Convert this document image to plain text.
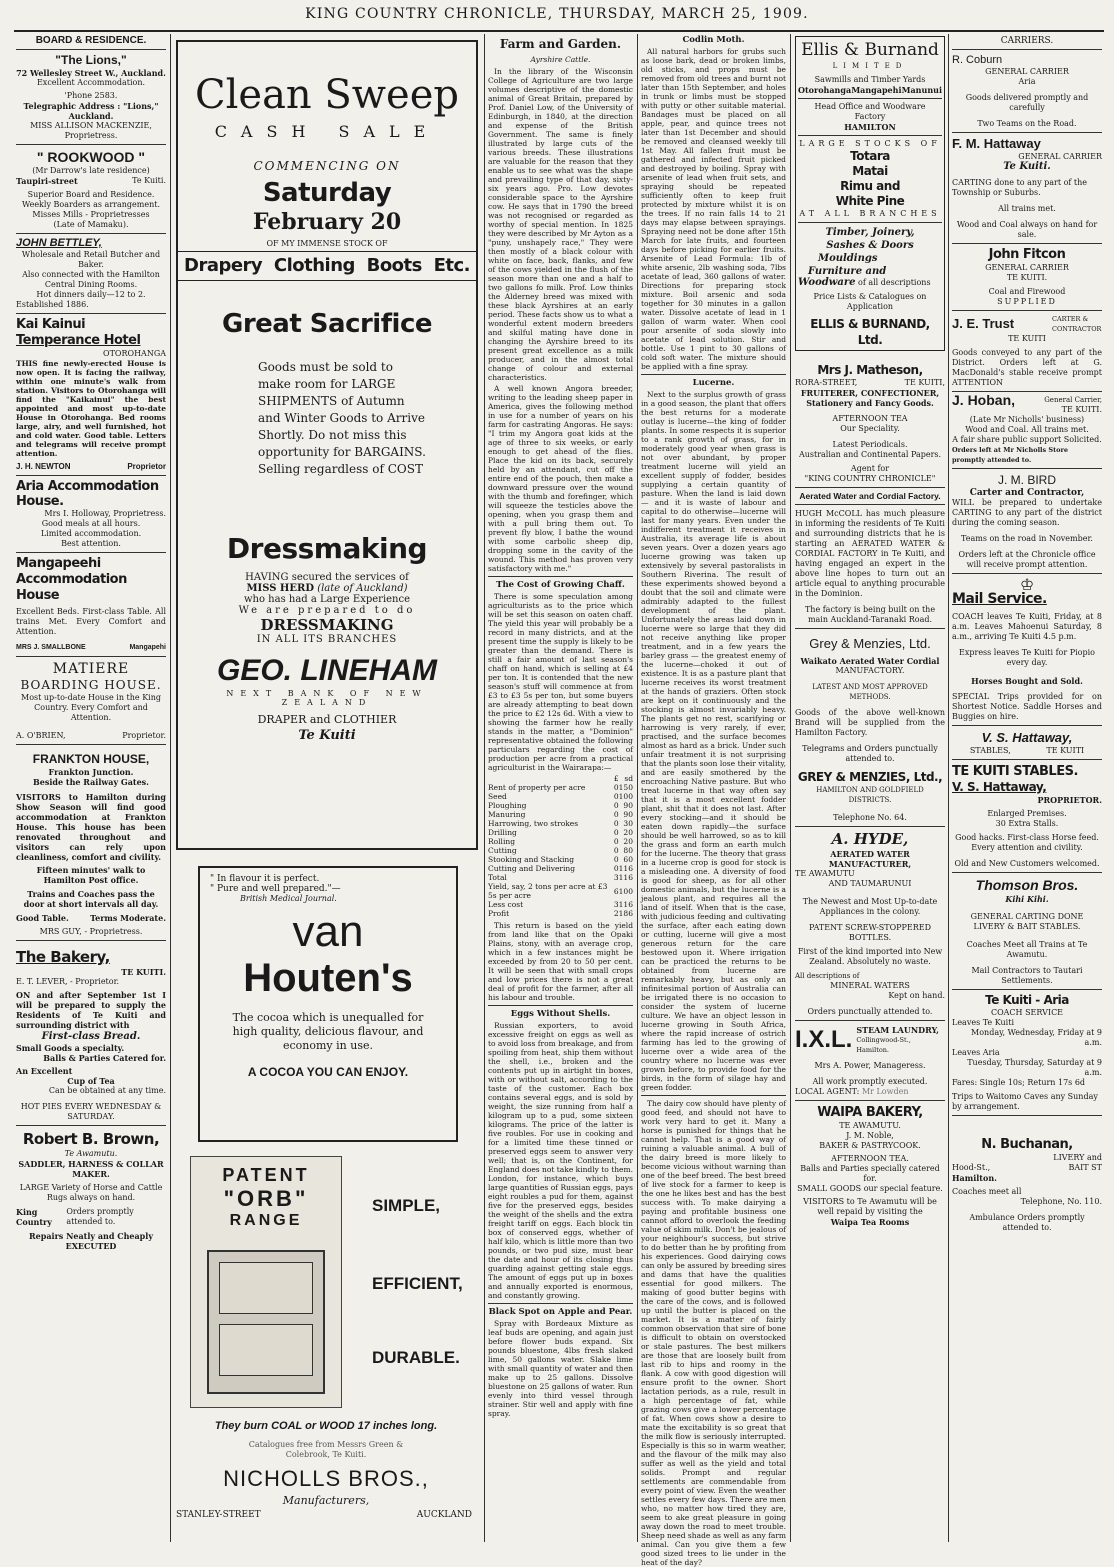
KING COUNTRY CHRONICLE, THURSDAY, MARCH 25, 1909.
BOARD & RESIDENCE.
"The Lions,"
72 Wellesley Street W., Auckland.
Excellent Accommodation.
'Phone 2583.
Telegraphic Address : "Lions," Auckland.
MISS ALLISON MACKENZIE, Proprietress.
" ROOKWOOD "
(Mr Darrow's late residence)
Taupiri-street	Te Kuiti.
Superior Board and Residence.
Weekly Boarders as arrangement.
Misses Mills - Proprietresses
(Late of Mamaku).
JOHN BETTLEY,
Wholesale and Retail Butcher and Baker.
Also connected with the Hamilton Central Dining Rooms.
Hot dinners daily—12 to 2.
Established 1886.
Kai Kainui
Temperance Hotel
OTOROHANGA
THIS fine newly-erected House is now open. It is facing the railway, within one minute's walk from station. Visitors to Otorohanga will find the "Kaikainui" the best appointed and most up-to-date House in Otorohanga. Bed rooms large, airy, and well furnished, hot and cold water. Good table. Letters and telegrams will receive prompt attention.
J. H. NEWTON	Proprietor
Aria Accommodation House.
Mrs I. Holloway, Proprietress.
Good meals at all hours.
Limited accommodation.
Best attention.
Mangapeehi
Accommodation House
Excellent Beds. First-class Table. All trains Met. Every Comfort and Attention.
MRS J. SMALLBONE	Mangapehi
MATIERE
BOARDING HOUSE.
Most up-to-date House in the King Country. Every Comfort and Attention.
A. O'BRIEN,	Proprietor.
FRANKTON HOUSE,
Frankton Junction.
Beside the Railway Gates.
VISITORS to Hamilton during Show Season will find good accommodation at Frankton House. This house has been renovated throughout and visitors can rely upon cleanliness, comfort and civility.
Fifteen minutes' walk to Hamilton Post office.
Trains and Coaches pass the door at short intervals all day.
Good Table.	Terms Moderate.
MRS GUY, - Proprietress.
The Bakery,
TE KUITI.
E. T. LEVER, - Proprietor.
ON and after September 1st I will be prepared to supply the Residents of Te Kuiti and surrounding district with
First-class Bread.
Small Goods a specialty.
Balls & Parties Catered for.
An Excellent
Cup of Tea
Can be obtained at any time.
HOT PIES EVERY WEDNESDAY & SATURDAY.
Robert B. Brown,
Te Awamutu.
SADDLER, HARNESS & COLLAR MAKER.
LARGE Variety of Horse and Cattle Rugs always on hand.
King Country
Orders promptly attended to.
Repairs Neatly and Cheaply
EXECUTED
Clean Sweep
CASH SALE
COMMENCING ON
Saturday
February 20
OF MY IMMENSE STOCK OF
Drapery Clothing Boots Etc.
Great Sacrifice
Goods must be sold to make room for LARGE SHIPMENTS of Autumn and Winter Goods to Arrive Shortly. Do not miss this opportunity for BARGAINS. Selling regardless of COST
Dressmaking
HAVING secured the services of
MISS HERD (late of Auckland)
who has had a Large Experience
We are prepared to do
DRESSMAKING
IN ALL ITS BRANCHES
GEO. LINEHAM
NEXT BANK OF NEW ZEALAND
DRAPER and CLOTHIER
Te Kuiti
" In flavour it is perfect.
" Pure and well prepared."—
British Medical Journal.
van
Houten's
The cocoa which is unequalled for high quality, delicious flavour, and economy in use.
A COCOA YOU CAN ENJOY.
PATENT
"ORB"
RANGE
SIMPLE,
EFFICIENT,
DURABLE.
They burn COAL or WOOD 17 inches long.
Catalogues free from Messrs Green & Colebrook, Te Kuiti.
NICHOLLS BROS.,
Manufacturers,
STANLEY-STREET	AUCKLAND
Farm and Garden.
Ayrshire Cattle.

In the library of the Wisconsin College of Agriculture are two large volumes descriptive of the domestic animal of Great Britain, prepared by Prof. Daniel Low, of the University of Edinburgh, in 1840, at the direction and expense of the British Government. The same is finely illustrated by large cuts of the various breeds. These illustrations are valuable for the reason that they enable us to see what was the shape and prevailing type of that day, sixty-six years ago. Pro. Low devotes considerable space to the Ayrshire cow. He says that in 1790 the breed was not recognised or regarded as worthy of special mention. In 1825 they were described by Mr Ayton as a "puny, unshapely race," They were then mostly of a black colour with white on face, back, flanks, and few of the cows yielded in the flush of the season more than one and a half to two gallons fo milk. Prof. Low thinks the Alderney breed was mixed with these black Ayrshires at an early period. These facts show us to what a wonderful extent modern breeders and skilful mating have done in changing the Ayrshire breed to its present great excellence as a milk producer, and in the almost total change of colour and external characteristics.

A well known Angora breeder, writing to the leading sheep paper in America, gives the following method in use for a number of years on his farm for castrating Angoras. He says: "I trim my Angora goat kids at the age of three to six weeks, or early enough to get ahead of the flies. Place the kid on its back, securely held by an attendant, cut off the entire end of the pouch, then make a downward pressure over the wound with the thumb and forefinger, which will squeeze the testicles above the opening, when you grasp them and with a pull bring them out. To prevent fly blow, I bathe the wound with some carbolic sheep dip, dropping some in the cavity of the wound. This method has proven very satisfactory with me."

The Cost of Growing Chaff.

There is some speculation among agriculturists as to the price which will be set this season on oaten chaff. The yield this year will probably be a record in many districts, and at the present time the supply is likely to be greater than the demand. There is still a fair amount of last season's chaff on hand, which is selling at £4 per ton. It is contended that the new season's stuff will commence at from £3 to £3 5s per ton, but some buyers are already attempting to beat down the price to £2 12s 6d. With a view to showing the farmer how he really stands in the matter, a "Dominion" representative obtained the following particulars regarding the cost of production per acre from a practical agriculturist in the Wairarapa:—

	£	s	d
Rent of property per acre	0	15	0
Seed	0	10	0
Ploughing	0	9	0
Manuring	0	9	0
Harrowing, two strokes	0	3	0
Drilling	0	2	0
Rolling	0	2	0
Cutting	0	8	0
Stooking and Stacking	0	6	0
Cutting and Delivering	0	11	6
Total	3	11	6
Yield, say, 2 tons per acre at £3 5s per acre	6	10	0
Less cost	3	11	6
Profit	2	18	6

This return is based on the yield from land like that on the Opaki Plains, stony, with an average crop, which in a few instances might be exceeded by from 20 to 50 per cent. It will be seen that with small crops and low prices there is not a great deal of profit for the farmer, after all his labour and trouble.

Eggs Without Shells.

Russian exporters, to avoid excessive freight on eggs as well as to avoid loss from breakage, and from spoiling from heat, ship them without the shell, i.e., broken and the contents put up in airtight tin boxes, with or without salt, according to the taste of the customer. Each box contains several eggs, and is sold by weight, the size running from half a kilogram up to a pud, some sixteen kilograms. The price of the latter is five roubles. For use in cooking and for a limited time these tinned or preserved eggs seem to answer very well; that is, on the Continent, for England does not take kindly to them. London, for instance, which buys large quantities of Russian eggs, pays eight roubles a pud for them, against five for the preserved eggs, besides the weight of the shells and the extra freight tariff on eggs. Each block tin box of conserved eggs, whether of half kilo, which is little more than two pounds, or two pud size, must bear the date and hour of its closing thus guarding against getting stale eggs. The amount of eggs put up in boxes and annually exported is enormous, and constantly growing.

Black Spot on Apple and Pear.

Spray with Bordeaux Mixture as leaf buds are opening, and again just before flower buds expand. Six pounds bluestone, 4lbs fresh slaked lime, 50 gallons water. Slake lime with small quantity of water and then make up to 25 gallons. Dissolve bluestone on 25 gallons of water. Run evenly into third vessel through strainer. Stir well and apply with fine spray.

Codlin Moth.

All natural harbors for grubs such as loose bark, dead or broken limbs, old sticks, and props must be removed from old trees and burnt not later than 15th September, and holes in trunk or limbs must be stopped with putty or other suitable material. Bandages must be placed on all apple, pear, and quince trees not later than 1st December and should be removed and cleansed weekly till 1st May. All fallen fruit must be gathered and infected fruit picked and destroyed by boiling. Spray with arsenite of lead when fruit sets, and spraying should be repeated sufficiently often to keep fruit protected by mixture whilst it is on the trees. If no rain falls 14 to 21 days may elapse between sprayings. Spraying need not be done after 15th March for late fruits, and fourteen days before picking for earlier fruits. Arsenite of Lead Formula: 1lb of white arsenic, 2lb washing soda, 7lbs acetate of lead, 360 gallons of water. Directions for preparing stock mixture. Boil arsenic and soda together for 30 minutes in a gallon water. Dissolve acetate of lead in 1 gallon of warm water. When cool pour arsenite of soda slowly into acetate of lead solution. Stir and bottle. Use 1 pint to 30 gallons of cold soft water. The mixture should be applied with a fine spray.

Lucerne.

Next to the surplus growth of grass in a good season, the plant that offers the best returns for a moderate outlay is lucerne—the king of fodder plants. In some respects it is superior to a rank growth of grass, for in moderately good year when grass is not over abundant, by proper treatment lucerne will yield an excellent supply of fodder, besides supplying a certain quantity of pasture. When the land is laid down — and it is waste of labour and capital to do otherwise—lucerne will last for many years. Even under the indifferent treatment it receives in Australia, its average life is about seven years. Over a dozen years ago lucerne growing was taken up extensively by several pastoralists in Southern Riverina. The result of these experiments showed beyond a doubt that the soil and climate were admirably adapted to the fullest development of the plant. Unfortunately the areas laid down in lucerne were so large that they did not receive anything like proper treatment, and in a few years the barley grass — the greatest enemy of the lucerne—choked it out of existence. It is as a pasture plant that lucerne receives its worst treatment at the hands of graziers. Often stock are kept on it continuously and the stocking is almost invariably heavy. The plants get no rest, scarifying or harrowing is very rarely, if ever, practised, and the surface becomes almost as hard as a brick. Under such unfair treatment it is not surprising that the plants soon lose their vitality, and are easily smothered by the encroaching Native pasture. But who treat lucerne in that way often say that it is a most excellent fodder plant, shit that it does not last. After every stocking—and it should be eaten down rapidly—the surface should be well harrowed, so as to kill the grass and form an earth mulch for the lucerne. The theory that grass in a lucerne crop is good for stock is a misleading one. A diversity of food is good for sheep, as for all other domestic animals, but the lucerne is a jealous plant, and requires all the land of itself. When that is the case, with judicious feeding and cultivating the surface, after each eating down or cutting, lucerne will give a most generous return for the care bestowed upon it. Where irrigation can be practiced the returns to be obtained from lucerne are remarkably heavy, but as only an infinitesimal portion of Australia can be irrigated there is no occasion to consider the system of lucerne culture. We have an object lesson in lucerne growing in South Africa, where the rapid increase of ostrich farming has led to the growing of lucerne over a wide area of the country where no lucerne was ever grown before, to provide food for the birds, in the form of silage hay and green fodder.

The dairy cow should have plenty of good feed, and should not have to work very hard to get it. Many a horse is punished for things that he cannot help. That is a good way of ruining a valuable animal. A bull of the dairy breed is more likely to become vicious without warning than one of the beef breed. The best breed of live stock for a farmer to keep is the one he likes best and has the best success with. To make dairying a paying and profitable business one cannot afford to overlook the feeding value of skim milk. Don't be jealous of your neighbour's success, but strive to do better than he by profiting from his experiences. Good dairying cows can only be assured by breeding sires and dams that have the qualities essential for good milkers. The making of good butter begins with the care of the cows, and is followed up until the butter is placed on the market. It is a matter of fairly common observation that sire of bone is difficult to obtain on overstocked or stale pastures. The best milkers are those that are loosely built from last rib to hips and roomy in the flank. A cow with good digestion will ensure profit to the owner. Short lactation periods, as a rule, result in a high percentage of fat, while grazing cows give a lower percentage of fat. When cows show a desire to mate the excitability is so great that the milk flow is seriously interrupted. Especially is this so in warm weather, and the flavour of the milk may also suffer as well as the yield and total solids. Prompt and regular settlements are commendable from every point of view. Even the weather settles every few days. There are men who, no matter how tired they are, seem to ake great pleasure in going away down the road to meet trouble. Sheep need shade as well as any farm animal. Can you give them a few good sized trees to lie under in the heat of the day?

Ellis & Burnand
LIMITED
Sawmills and Timber Yards
Otorohanga Mangapehi Manunui
Head Office and Woodware Factory
HAMILTON
LARGE STOCKS OF
Totara
Matai
Rimu and
White Pine
AT ALL BRANCHES
Timber, Joinery,
Sashes & Doors
Mouldings
Furniture and
Woodware of all descriptions
Price Lists & Catalogues on Application
ELLIS & BURNAND, Ltd.
Mrs J. Matheson,
RORA-STREET,	TE KUITI,
FRUITERER, CONFECTIONER, Stationery and Fancy Goods.
AFTERNOON TEA
Our Speciality.
Latest Periodicals.
Australian and Continental Papers.
Agent for
"KING COUNTRY CHRONICLE"
Aerated Water and Cordial Factory.
HUGH McCOLL has much pleasure in informing the residents of Te Kuiti and surrounding districts that he is starting an AERATED WATER & CORDIAL FACTORY in Te Kuiti, and having engaged an expert in the above line hopes to turn out an article equal to anything procurable in the Dominion.
The factory is being built on the main Auckland-Taranaki Road.
Grey & Menzies, Ltd.
Waikato Aerated Water Cordial
MANUFACTORY.
LATEST AND MOST APPROVED METHODS.
Goods of the above well-known Brand will be supplied from the Hamilton Factory.
Telegrams and Orders punctually attended to.
GREY & MENZIES, Ltd.,
HAMILTON AND GOLDFIELD DISTRICTS.
Telephone No. 64.
A. HYDE,
AERATED WATER MANUFACTURER,
TE AWAMUTU
AND TAUMARUNUI
The Newest and Most Up-to-date Appliances in the colony.
PATENT SCREW-STOPPERED BOTTLES.
First of the kind imported into New Zealand. Absolutely no waste.
All descriptions of
MINERAL WATERS
Kept on hand.
Orders punctually attended to.
I.X.L. STEAM LAUNDRY,
Collingwood-St., Hamilton.
Mrs A. Power, Manageress.
All work promptly executed.
LOCAL AGENT: Mr Lowden
WAIPA BAKERY,
TE AWAMUTU.
J. M. Noble,
BAKER & PASTRYCOOK.
AFTERNOON TEA.
Balls and Parties specially catered for.
SMALL GOODS our special feature.
VISITORS to Te Awamutu will be well repaid by visiting the
Waipa Tea Rooms
CARRIERS.
R. Coburn
GENERAL CARRIER
Aria
Goods delivered promptly and carefully
Two Teams on the Road.
F. M. Hattaway
GENERAL CARRIER
Te Kuiti.
CARTING done to any part of the Township or Suburbs.
All trains met.
Wood and Coal always on hand for sale.
John Fitcon
GENERAL CARRIER
TE KUITI.
Coal and Firewood
SUPPLIED
J. E. Trust	CARTER & CONTRACTOR
TE KUITI
Goods conveyed to any part of the District. Orders left at G. MacDonald's stable receive prompt ATTENTION
J. Hoban,	General Carrier,
TE KUITI.
(Late Mr Nicholls' business)
Wood and Coal. All trains met.
A fair share public support Solicited.
Orders left at Mr Nicholls Store promptly attended to.
J. M. BIRD
Carter and Contractor,
WILL be prepared to undertake CARTING to any part of the district during the coming season.
Teams on the road in November.
Orders left at the Chronicle office will receive prompt attention.
♔
Mail Service.
COACH leaves Te Kuiti, Friday, at 8 a.m. Leaves Mahoenui Saturday, 8 a.m., arriving Te Kuiti 4.5 p.m.
Express leaves Te Kuiti for Piopio every day.
Horses Bought and Sold.
SPECIAL Trips provided for on Shortest Notice. Saddle Horses and Buggies on hire.
V. S. Hattaway,
STABLES,	TE KUITI
TE KUITI STABLES.
V. S. Hattaway,
PROPRIETOR.
Enlarged Premises.
30 Extra Stalls.
Good hacks. First-class Horse feed. Every attention and civility.
Old and New Customers welcomed.
Thomson Bros.
Kihi Kihi.
GENERAL CARTING DONE
LIVERY & BAIT STABLES.
Coaches Meet all Trains at Te Awamutu.
Mail Contractors to Tautari Settlements.
Te Kuiti - Aria
COACH SERVICE
Leaves Te Kuiti
Monday, Wednesday, Friday at 9 a.m.
Leaves Aria
Tuesday, Thursday, Saturday at 9 a.m.
Fares: Single 10s; Return 17s 6d
Trips to Waitomo Caves any Sunday by arrangement.
N. Buchanan,
LIVERY and
Hood-St.,	BAIT ST
Hamilton.
Coaches meet all
Telephone, No. 110.
Ambulance Orders promptly attended to.
